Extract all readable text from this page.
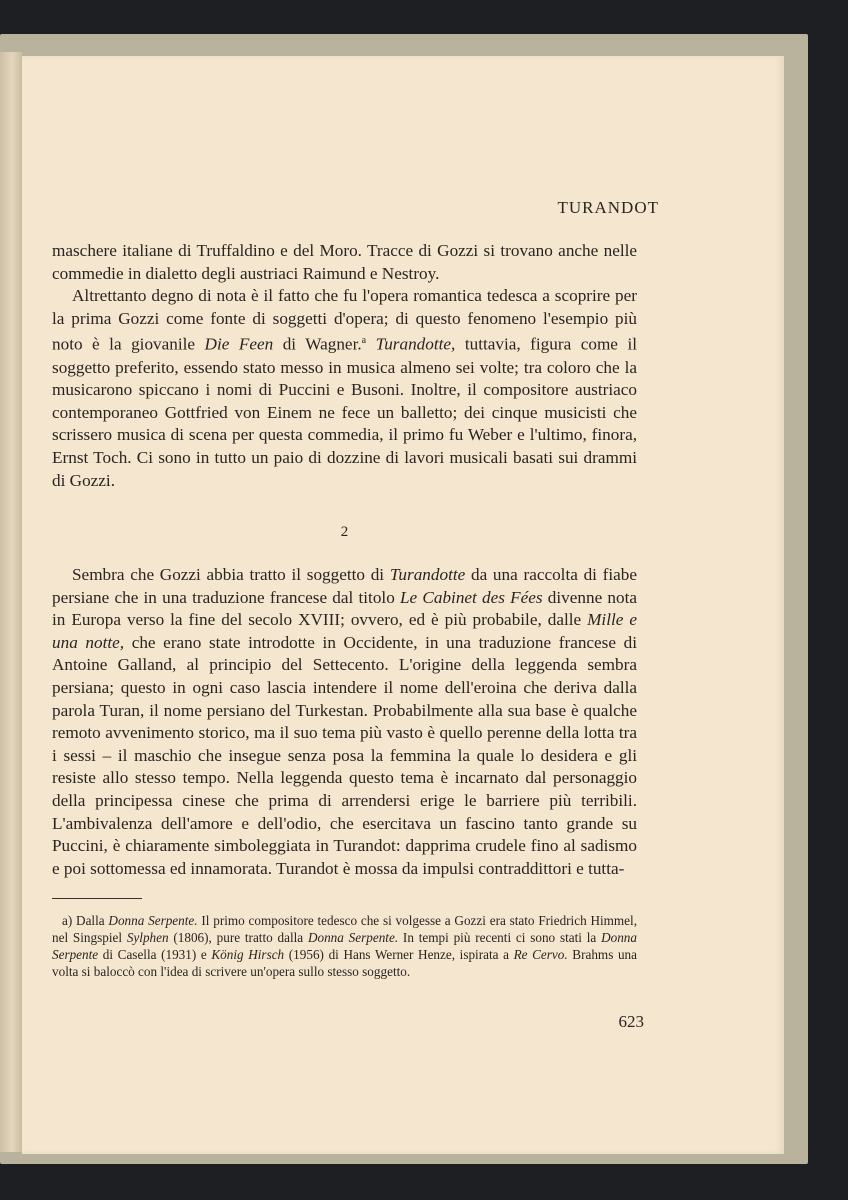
TURANDOT

maschere italiane di Truffaldino e del Moro. Tracce di Gozzi si trovano anche nelle commedie in dialetto degli austriaci Raimund e Nestroy.

Altrettanto degno di nota è il fatto che fu l'opera romantica tedesca a scoprire per la prima Gozzi come fonte di soggetti d'opera; di questo fenomeno l'esempio più noto è la giovanile Die Feen di Wagner.$^a$ Turandotte, tuttavia, figura come il soggetto preferito, essendo stato messo in musica almeno sei volte; tra coloro che la musicarono spiccano i nomi di Puccini e Busoni. Inoltre, il compositore austriaco contemporaneo Gottfried von Einem ne fece un balletto; dei cinque musicisti che scrissero musica di scena per questa commedia, il primo fu Weber e l'ultimo, finora, Ernst Toch. Ci sono in tutto un paio di dozzine di lavori musicali basati sui drammi di Gozzi.

2

Sembra che Gozzi abbia tratto il soggetto di Turandotte da una raccolta di fiabe persiane che in una traduzione francese dal titolo Le Cabinet des Fées divenne nota in Europa verso la fine del secolo XVIII; ovvero, ed è più probabile, dalle Mille e una notte, che erano state introdotte in Occidente, in una traduzione francese di Antoine Galland, al principio del Settecento. L'origine della leggenda sembra persiana; questo in ogni caso lascia intendere il nome dell'eroina che deriva dalla parola Turan, il nome persiano del Turkestan. Probabilmente alla sua base è qualche remoto avvenimento storico, ma il suo tema più vasto è quello perenne della lotta tra i sessi – il maschio che insegue senza posa la femmina la quale lo desidera e gli resiste allo stesso tempo. Nella leggenda questo tema è incarnato dal personaggio della principessa cinese che prima di arrendersi erige le barriere più terribili. L'ambivalenza dell'amore e dell'odio, che esercitava un fascino tanto grande su Puccini, è chiaramente simboleggiata in Turandot: dapprima crudele fino al sadismo e poi sottomessa ed innamorata. Turandot è mossa da impulsi contraddittori e tutta-

a) Dalla Donna Serpente. Il primo compositore tedesco che si volgesse a Gozzi era stato Friedrich Himmel, nel Singspiel Sylphen (1806), pure tratto dalla Donna Serpente. In tempi più recenti ci sono stati la Donna Serpente di Casella (1931) e König Hirsch (1956) di Hans Werner Henze, ispirata a Re Cervo. Brahms una volta si baloccò con l'idea di scrivere un'opera sullo stesso soggetto.
623
